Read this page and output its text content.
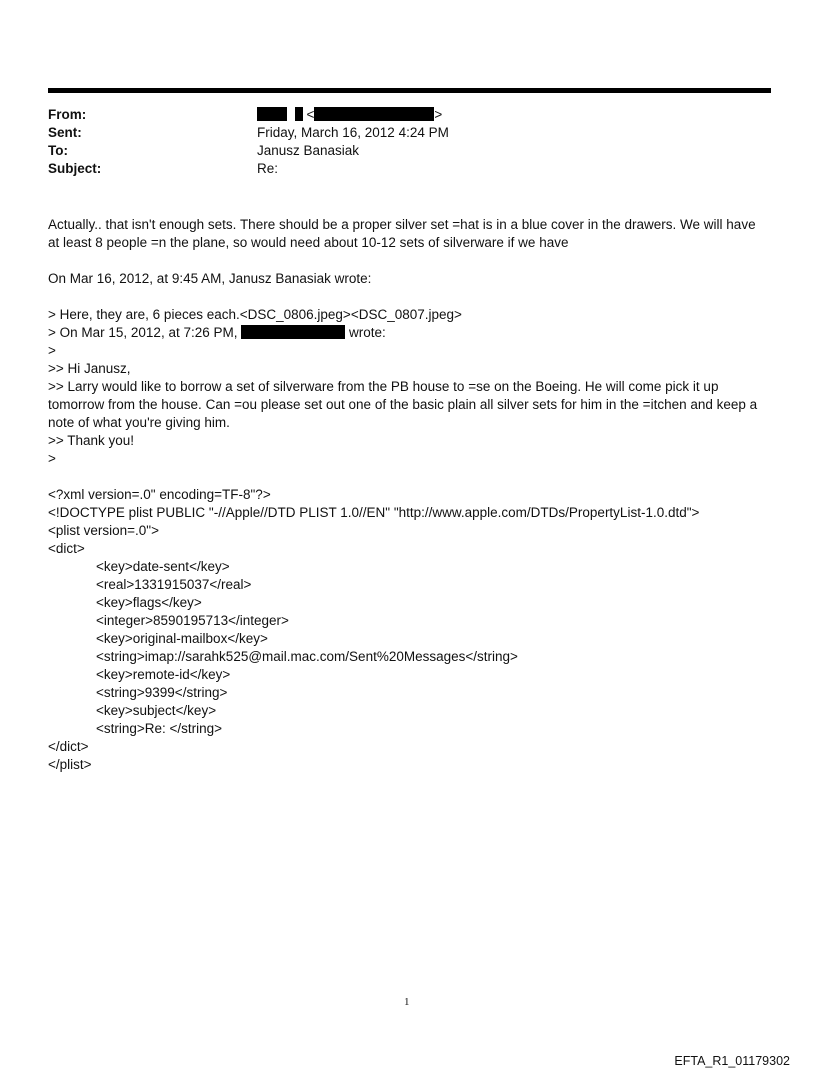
From:	<	>
Sent:	Friday, March 16, 2012 4:24 PM
To:	Janusz Banasiak
Subject:	Re:
Actually.. that isn't enough sets. There should be a proper silver set =hat is in a blue cover in the drawers. We will have at least 8 people =n the plane, so would need about 10-12 sets of silverware if we have
On Mar 16, 2012, at 9:45 AM, Janusz Banasiak wrote:
> Here, they are, 6 pieces each.<DSC_0806.jpeg><DSC_0807.jpeg>
> On Mar 15, 2012, at 7:26 PM,	wrote:
>
>> Hi Janusz,
>> Larry would like to borrow a set of silverware from the PB house to =se on the Boeing. He will come pick it up tomorrow from the house. Can =ou please set out one of the basic plain all silver sets for him in the =itchen and keep a note of what you're giving him.
>> Thank you!
>
<?xml version=.0" encoding=TF-8"?>
<!DOCTYPE plist PUBLIC "-//Apple//DTD PLIST 1.0//EN" "http://www.apple.com/DTDs/PropertyList-1.0.dtd">
<plist version=.0">
<dict>
<key>date-sent</key>
<real>1331915037</real>
<key>flags</key>
<integer>8590195713</integer>
<key>original-mailbox</key>
<string>imap://sarahk525@mail.mac.com/Sent%20Messages</string>
<key>remote-id</key>
<string>9399</string>
<key>subject</key>
<string>Re: </string>
</dict>
</plist>
1
EFTA_R1_01179302
